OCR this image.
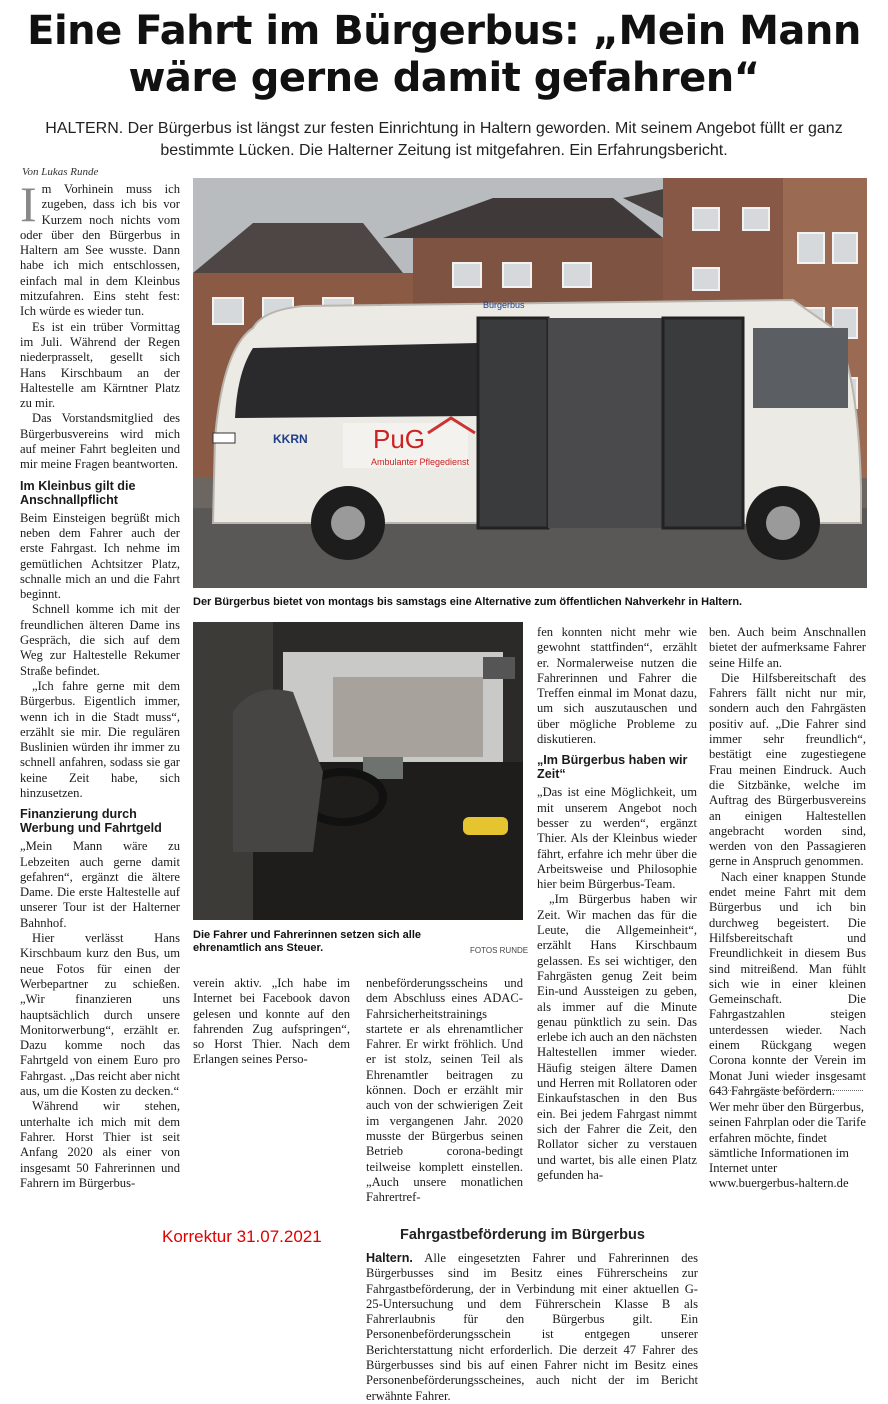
Eine Fahrt im Bürgerbus: „Mein Mann wäre gerne damit gefahren“
HALTERN. Der Bürgerbus ist längst zur festen Einrichtung in Haltern geworden. Mit seinem Angebot füllt er ganz bestimmte Lücken. Die Halterner Zeitung ist mitgefahren. Ein Erfahrungsbericht.
Von Lukas Runde

Im Vorhinein muss ich zugeben, dass ich bis vor Kurzem noch nichts vom oder über den Bürgerbus in Haltern am See wusste. Dann habe ich mich entschlossen, einfach mal in dem Kleinbus mitzufahren. Eins steht fest: Ich würde es wieder tun.

Es ist ein trüber Vormittag im Juli. Während der Regen niederprasselt, gesellt sich Hans Kirschbaum an der Haltestelle am Kärntner Platz zu mir.

Das Vorstandsmitglied des Bürgerbusvereins wird mich auf meiner Fahrt begleiten und mir meine Fragen beantworten.

Im Kleinbus gilt die Anschnallpflicht

Beim Einsteigen begrüßt mich neben dem Fahrer auch der erste Fahrgast. Ich nehme im gemütlichen Achtsitzer Platz, schnalle mich an und die Fahrt beginnt.

Schnell komme ich mit der freundlichen älteren Dame ins Gespräch, die sich auf dem Weg zur Haltestelle Rekumer Straße befindet.

„Ich fahre gerne mit dem Bürgerbus. Eigentlich immer, wenn ich in die Stadt muss“, erzählt sie mir. Die regulären Buslinien würden ihr immer zu schnell anfahren, sodass sie gar keine Zeit habe, sich hinzusetzen.

Finanzierung durch Werbung und Fahrtgeld

„Mein Mann wäre zu Lebzeiten auch gerne damit gefahren“, ergänzt die ältere Dame. Die erste Haltestelle auf unserer Tour ist der Halterner Bahnhof.

Hier verlässt Hans Kirschbaum kurz den Bus, um neue Fotos für einen der Werbepartner zu schießen. „Wir finanzieren uns hauptsächlich durch unsere Monitorwerbung“, erzählt er. Dazu komme noch das Fahrtgeld von einem Euro pro Fahrgast. „Das reicht aber nicht aus, um die Kosten zu decken.“

Während wir stehen, unterhalte ich mich mit dem Fahrer. Horst Thier ist seit Anfang 2020 als einer von insgesamt 50 Fahrerinnen und Fahrern im Bürgerbus-

PuG
Ambulanter Pflegedienst
KKRN
Bürgerbus
Der Bürgerbus bietet von montags bis samstags eine Alternative zum öffentlichen Nahverkehr in Haltern.
Die Fahrer und Fahrerinnen setzen sich alle ehrenamtlich ans Steuer.	FOTOS RUNDE

verein aktiv. „Ich habe im Internet bei Facebook davon gelesen und konnte auf den fahrenden Zug aufspringen“, so Horst Thier. Nach dem Erlangen seines Perso-

nenbeförderungsscheins und dem Abschluss eines ADAC-Fahrsicherheitstrainings startete er als ehrenamtlicher Fahrer. Er wirkt fröhlich. Und er ist stolz, seinen Teil als Ehrenamtler beitragen zu können. Doch er erzählt mir auch von der schwierigen Zeit im vergangenen Jahr. 2020 musste der Bürgerbus seinen Betrieb corona-bedingt teilweise komplett einstellen. „Auch unsere monatlichen Fahrertref-

fen konnten nicht mehr wie gewohnt stattfinden“, erzählt er. Normalerweise nutzen die Fahrerinnen und Fahrer die Treffen einmal im Monat dazu, um sich auszutauschen und über mögliche Probleme zu diskutieren.

„Im Bürgerbus haben wir Zeit“

„Das ist eine Möglichkeit, um mit unserem Angebot noch besser zu werden“, ergänzt Thier. Als der Kleinbus wieder fährt, erfahre ich mehr über die Arbeitsweise und Philosophie hier beim Bürgerbus-Team.

„Im Bürgerbus haben wir Zeit. Wir machen das für die Leute, die Allgemeinheit“, erzählt Hans Kirschbaum gelassen. Es sei wichtiger, den Fahrgästen genug Zeit beim Ein-und Aussteigen zu geben, als immer auf die Minute genau pünktlich zu sein. Das erlebe ich auch an den nächsten Haltestellen immer wieder. Häufig steigen ältere Damen und Herren mit Rollatoren oder Einkaufstaschen in den Bus ein. Bei jedem Fahrgast nimmt sich der Fahrer die Zeit, den Rollator sicher zu verstauen und wartet, bis alle einen Platz gefunden ha-

ben. Auch beim Anschnallen bietet der aufmerksame Fahrer seine Hilfe an.

Die Hilfsbereitschaft des Fahrers fällt nicht nur mir, sondern auch den Fahrgästen positiv auf. „Die Fahrer sind immer sehr freundlich“, bestätigt eine zugestiegene Frau meinen Eindruck. Auch die Sitzbänke, welche im Auftrag des Bürgerbusvereins an einigen Haltestellen angebracht worden sind, werden von den Passagieren gerne in Anspruch genommen.

Nach einer knappen Stunde endet meine Fahrt mit dem Bürgerbus und ich bin durchweg begeistert. Die Hilfsbereitschaft und Freundlichkeit in diesem Bus sind mitreißend. Man fühlt sich wie in einer kleinen Gemeinschaft. Die Fahrgastzahlen steigen unterdessen wieder. Nach einem Rückgang wegen Corona konnte der Verein im Monat Juni wieder insgesamt 643 Fahrgäste befördern.

Wer mehr über den Bürgerbus, seinen Fahrplan oder die Tarife erfahren möchte, findet sämtliche Informationen im Internet unter www.buergerbus-haltern.de
Korrektur 31.07.2021	Fahrgastbeförderung im Bürgerbus
Haltern. Alle eingesetzten Fahrer und Fahrerinnen des Bürgerbusses sind im Besitz eines Führerscheins zur Fahrgastbeförderung, der in Verbindung mit einer aktuellen G-25-Untersuchung und dem Führerschein Klasse B als Fahrerlaubnis für den Bürgerbus gilt. Ein Personenbeförderungsschein ist entgegen unserer Berichterstattung nicht erforderlich. Die derzeit 47 Fahrer des Bürgerbusses sind bis auf einen Fahrer nicht im Besitz eines Personenbeförderungsscheines, auch nicht der im Bericht erwähnte Fahrer.
